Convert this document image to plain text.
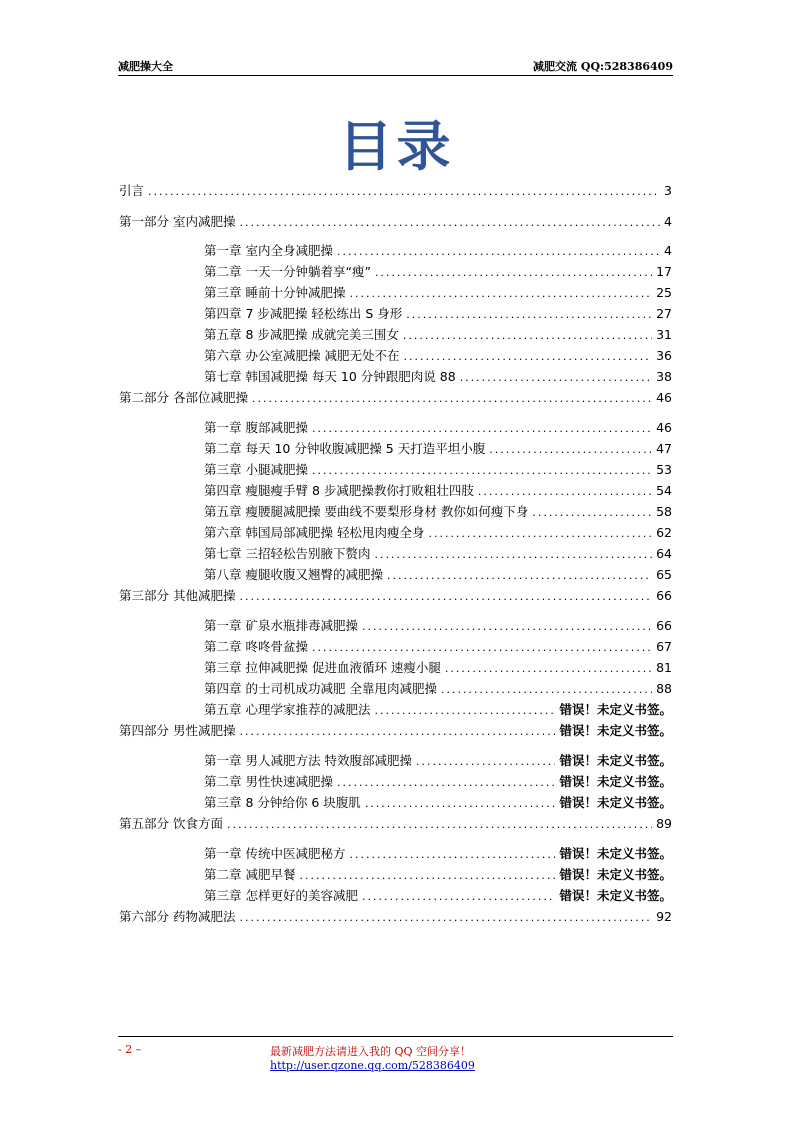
减肥操大全	减肥交流 QQ:528386409
目录
引言 .....	3
第一部分 室内减肥操 .....	4
第一章 室内全身减肥操 .....	4
第二章 一天一分钟躺着享“瘦” .....	17
第三章 睡前十分钟减肥操 .....	25
第四章 7 步减肥操 轻松练出 S 身形 .....	27
第五章 8 步减肥操 成就完美三围女 .....	31
第六章 办公室减肥操 减肥无处不在 .....	36
第七章 韩国减肥操 每天 10 分钟跟肥肉说 88 .....	38
第二部分 各部位减肥操 .....	46
第一章 腹部减肥操 .....	46
第二章 每天 10 分钟收腹减肥操 5 天打造平坦小腹 .....	47
第三章 小腿减肥操 .....	53
第四章 瘦腿瘦手臂 8 步减肥操教你打败粗壮四肢 .....	54
第五章 瘦腰腿减肥操 要曲线不要梨形身材 教你如何瘦下身 .....	58
第六章 韩国局部减肥操 轻松甩肉瘦全身 .....	62
第七章 三招轻松告别腋下赘肉 .....	64
第八章 瘦腿收腹又翘臀的减肥操 .....	65
第三部分 其他减肥操 .....	66
第一章 矿泉水瓶排毒减肥操 .....	66
第二章 咚咚骨盆操 .....	67
第三章 拉伸减肥操 促进血液循环 速瘦小腿 .....	81
第四章 的士司机成功减肥 全靠甩肉减肥操 .....	88
第五章 心理学家推荐的减肥法 .....	错误！未定义书签。
第四部分 男性减肥操 .....	错误！未定义书签。
第一章 男人减肥方法 特效腹部减肥操 .....	错误！未定义书签。
第二章 男性快速减肥操 .....	错误！未定义书签。
第三章 8 分钟给你 6 块腹肌 .....	错误！未定义书签。
第五部分 饮食方面 .....	89
第一章 传统中医减肥秘方 .....	错误！未定义书签。
第二章 减肥早餐 .....	错误！未定义书签。
第三章 怎样更好的美容减肥 .....	错误！未定义书签。
第六部分 药物减肥法 .....	92
- 2 –	最新减肥方法请进入我的 QQ 空间分享！http://user.qzone.qq.com/528386409
